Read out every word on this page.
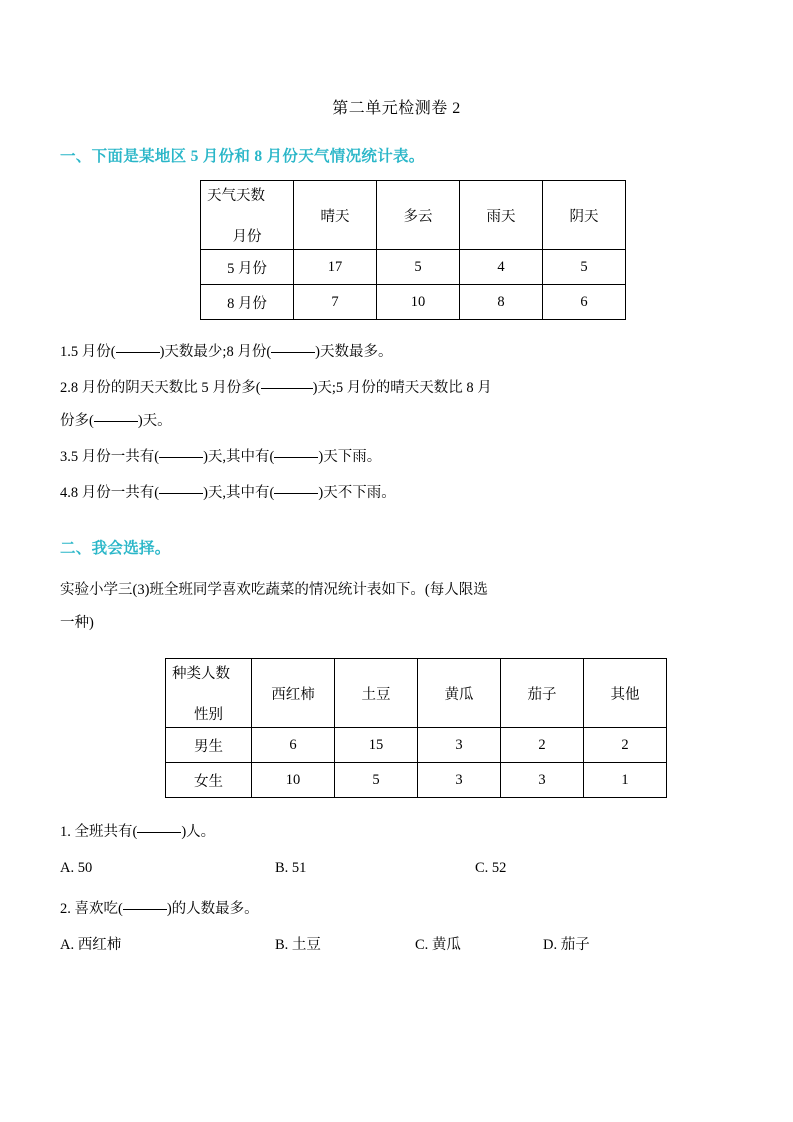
第二单元检测卷 2
一、下面是某地区 5 月份和 8 月份天气情况统计表。
天气天数
月份	晴天	多云	雨天	阴天
5 月份	17	5	4	5
8 月份	7	10	8	6
1.5 月份(	)天数最少;8 月份(	)天数最多。
2.8 月份的阴天天数比 5 月份多(	)天;5 月份的晴天天数比 8 月
份多(	)天。
3.5 月份一共有(	)天,其中有(	)天下雨。
4.8 月份一共有(	)天,其中有(	)天不下雨。
二、我会选择。
实验小学三(3)班全班同学喜欢吃蔬菜的情况统计表如下。(每人限选
一种)
种类人数
性别	西红柿	土豆	黄瓜	茄子	其他
男生	6	15	3	2	2
女生	10	5	3	3	1
1. 全班共有(	)人。
A. 50	B. 51	C. 52
2. 喜欢吃(	)的人数最多。
A. 西红柿	B. 土豆	C. 黄瓜	D. 茄子
